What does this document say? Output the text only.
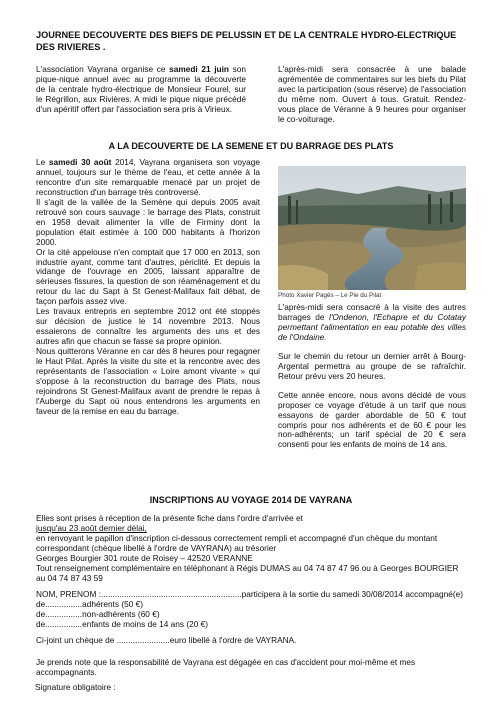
JOURNEE DECOUVERTE DES BIEFS DE PELUSSIN ET DE LA CENTRALE HYDRO-ELECTRIQUE DES RIVIERES .
L'association Vayrana organise ce samedi 21 juin son pique-nique annuel avec au programme la découverte de la centrale hydro-électrique de Monsieur Fourel, sur le Régrillon, aux Rivières. A midi le pique nique précédé d'un apéritif offert par l'association sera pris à Virieux.
L'après-midi sera consacrée à une balade agrémentée de commentaires sur les biefs du Pilat avec la participation (sous réserve) de l'association du même nom. Ouvert à tous. Gratuit. Rendez-vous place de Véranne à 9 heures pour organiser le co-voiturage.
A LA DECOUVERTE DE LA SEMENE ET DU BARRAGE DES PLATS

Le samedi 30 août 2014, Vayrana organisera son voyage annuel, toujours sur le thème de l'eau, et cette année à la rencontre d'un site remarquable menacé par un projet de reconstruction d'un barrage très controversé.

Il s'agit de la vallée de la Semène qui depuis 2005 avait retrouvé son cours sauvage : le barrage des Plats, construit en 1958 devait alimenter la ville de Firminy dont la population était estimée à 100 000 habitants à l'horizon 2000.

Or la cité appelouse n'en comptait que 17 000 en 2013, son industrie ayant, comme tant d'autres, périclité. Et depuis la vidange de l'ouvrage en 2005, laissant apparaître de sérieuses fissures, la question de son réaménagement et du retour du lac du Sapt à St Genest-Malifaux fait débat, de façon parfois assez vive.

Les travaux entrepris en septembre 2012 ont été stoppés sur décision de justice le 14 novembre 2013. Nous essaierons de connaître les arguments des uns et des autres afin que chacun se fasse sa propre opinion.

Nous quitterons Véranne en car dès 8 heures pour regagner le Haut Pilat. Après la visite du site et la rencontre avec des représentants de l'association « Loire amont vivante » qui s'oppose à la reconstruction du barrage des Plats, nous rejoindrons St Genest-Malifaux avant de prendre le repas à l'Auberge du Sapt où nous entendrons les arguments en faveur de la remise en eau du barrage.

Photo Xavier Pagès – Le Pie du Pilat

L'après-midi sera consacré à la visite des autres barrages de l'Ondenon, l'Echapre et du Cotatay permettant l'alimentation en eau potable des villes de l'Ondaine.

Sur le chemin du retour un dernier arrêt à Bourg-Argental permettra au groupe de se rafraîchir. Retour prévu vers 20 heures.

Cette année encore, nous avons décidé de vous proposer ce voyage d'étude à un tarif que nous essayons de garder abordable de 50 € tout compris pour nos adhérents et de 60 € pour les non-adhérents; un tarif spécial de 20 € sera consenti pour les enfants de moins de 14 ans.

INSCRIPTIONS AU VOYAGE 2014 DE VAYRANA

Elles sont prises à réception de la présente fiche dans l'ordre d'arrivée et

jusqu'au 23 août dernier délai,

en renvoyant le papillon d'inscription ci-dessous correctement rempli et accompagné d'un chèque du montant correspondant (chèque libellé à l'ordre de VAYRANA) au trésorier

Georges Bourgier 301 route de Roisey – 42520 VERANNE

Tout renseignement complémentaire en téléphonant à Régis DUMAS au 04 74 87 47 96 ou à Georges BOURGIER au 04 74 87 43 59

NOM, PRENOM :.............................................................participera à la sortie du samedi 30/08/2014 accompagné(e)

de................adhérents (50 €)

de................non-adhérents (60 €)

de................enfants de moins de 14 ans (20 €)

Ci-joint un chèque de .......................euro libellé à l'ordre de VAYRANA.
Je prends note que la responsabilité de Vayrana est dégagée en cas d'accident pour moi-même et mes accompagnants.
Signature obligatoire :
